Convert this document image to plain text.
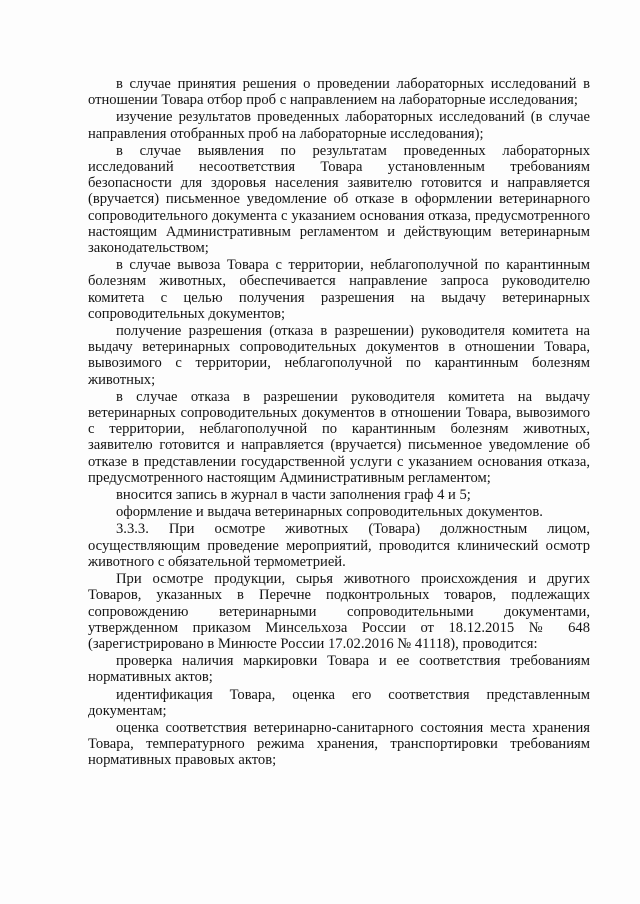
в случае принятия решения о проведении лабораторных исследований в отношении Товара отбор проб с направлением на лабораторные исследования;

изучение результатов проведенных лабораторных исследований (в случае направления отобранных проб на лабораторные исследования);

в случае выявления по результатам проведенных лабораторных исследований несоответствия Товара установленным требованиям безопасности для здоровья населения заявителю готовится и направляется (вручается) письменное уведомление об отказе в оформлении ветеринарного сопроводительного документа с указанием основания отказа, предусмотренного настоящим Административным регламентом и действующим ветеринарным законодательством;

в случае вывоза Товара с территории, неблагополучной по карантинным болезням животных, обеспечивается направление запроса руководителю комитета с целью получения разрешения на выдачу ветеринарных сопроводительных документов;

получение разрешения (отказа в разрешении) руководителя комитета на выдачу ветеринарных сопроводительных документов в отношении Товара, вывозимого с территории, неблагополучной по карантинным болезням животных;

в случае отказа в разрешении руководителя комитета на выдачу ветеринарных сопроводительных документов в отношении Товара, вывозимого с территории, неблагополучной по карантинным болезням животных, заявителю готовится и направляется (вручается) письменное уведомление об отказе в представлении государственной услуги с указанием основания отказа, предусмотренного настоящим Административным регламентом;

вносится запись в журнал в части заполнения граф 4 и 5;

оформление и выдача ветеринарных сопроводительных документов.

3.3.3. При осмотре животных (Товара) должностным лицом, осуществляющим проведение мероприятий, проводится клинический осмотр животного с обязательной термометрией.

При осмотре продукции, сырья животного происхождения и других Товаров, указанных в Перечне подконтрольных товаров, подлежащих сопровождению ветеринарными сопроводительными документами, утвержденном приказом Минсельхоза России от 18.12.2015 № 648 (зарегистрировано в Минюсте России 17.02.2016 № 41118), проводится:

проверка наличия маркировки Товара и ее соответствия требованиям нормативных актов;

идентификация Товара, оценка его соответствия представленным документам;

оценка соответствия ветеринарно-санитарного состояния места хранения Товара, температурного режима хранения, транспортировки требованиям нормативных правовых актов;
